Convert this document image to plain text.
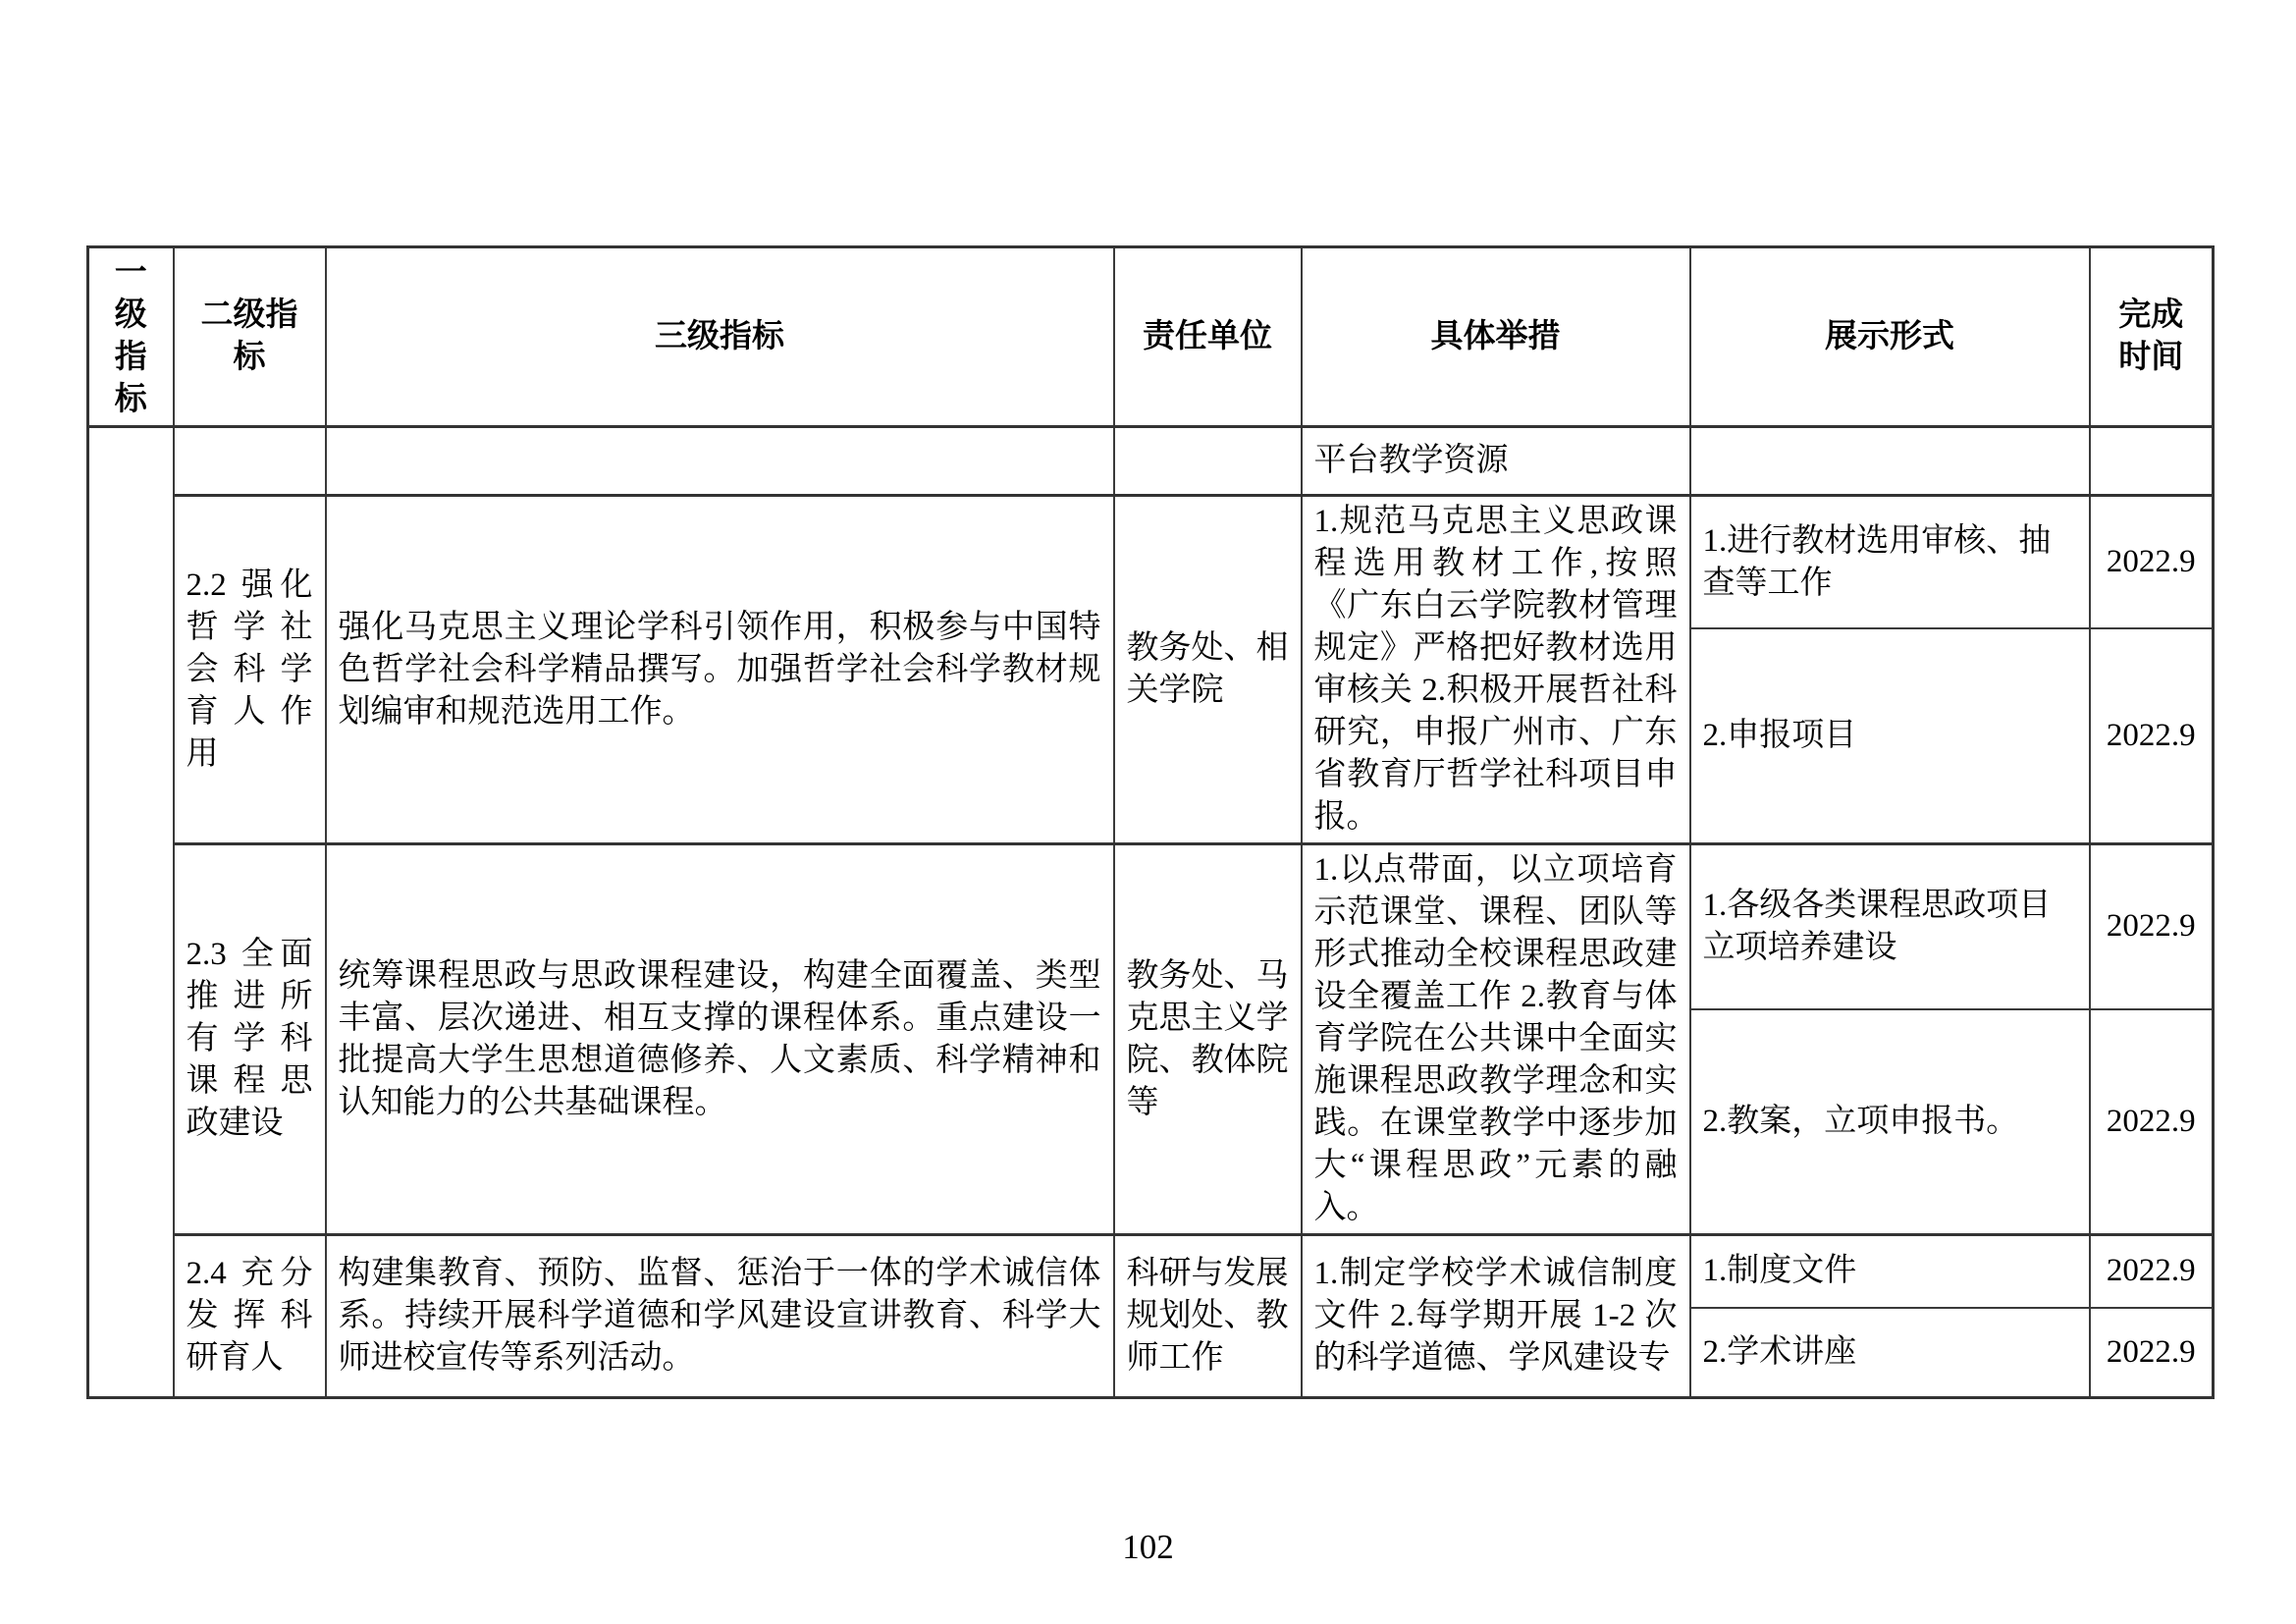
一级指标	二级指标	三级指标	责任单位	具体举措	展示形式	完成时间

				平台教学资源		
	2.2 强化哲学社会科学育人作用	强化马克思主义理论学科引领作用，积极参与中国特色哲学社会科学精品撰写。加强哲学社会科学教材规划编审和规范选用工作。	教务处、相关学院	1.规范马克思主义思政课程选用教材工作,按照《广东白云学院教材管理规定》严格把好教材选用审核关 2.积极开展哲社科研究，申报广州市、广东省教育厅哲学社科项目申报。	1.进行教材选用审核、抽查等工作	2022.9
					2.申报项目	2022.9
	2.3 全面推进所有学科课程思政建设	统筹课程思政与思政课程建设，构建全面覆盖、类型丰富、层次递进、相互支撑的课程体系。重点建设一批提高大学生思想道德修养、人文素质、科学精神和认知能力的公共基础课程。	教务处、马克思主义学院、教体院等	1.以点带面，以立项培育示范课堂、课程、团队等形式推动全校课程思政建设全覆盖工作 2.教育与体育学院在公共课中全面实施课程思政教学理念和实践。在课堂教学中逐步加大“课程思政”元素的融入。	1.各级各类课程思政项目立项培养建设	2022.9
					2.教案，立项申报书。	2022.9
	2.4 充分发挥科研育人	构建集教育、预防、监督、惩治于一体的学术诚信体系。持续开展科学道德和学风建设宣讲教育、科学大师进校宣传等系列活动。	科研与发展规划处、教师工作	1.制定学校学术诚信制度文件 2.每学期开展 1-2 次的科学道德、学风建设专	1.制度文件	2022.9
					2.学术讲座	2022.9
102
